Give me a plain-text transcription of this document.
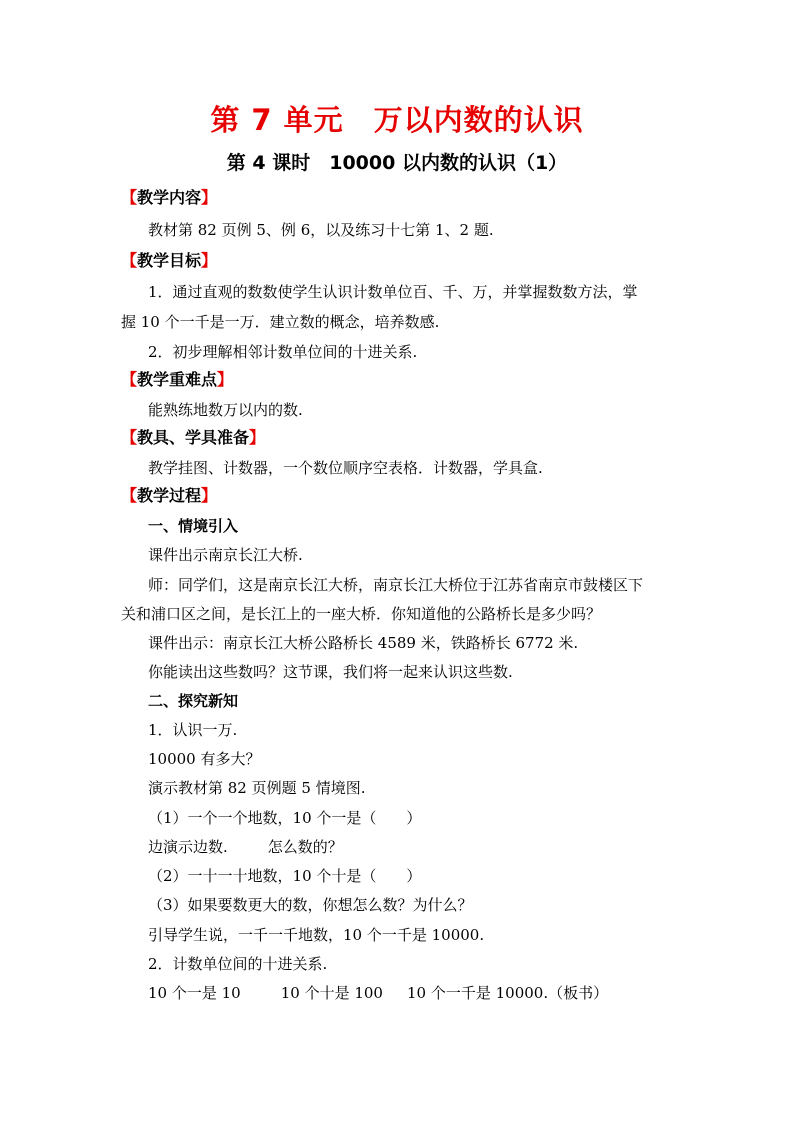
第 7 单元　万以内数的认识
第 4 课时　10000 以内数的认识（1）
【教学内容】
教材第 82 页例 5、例 6，以及练习十七第 1、2 题.
【教学目标】
1．通过直观的数数使学生认识计数单位百、千、万，并掌握数数方法，掌
握 10 个一千是一万．建立数的概念，培养数感.
2．初步理解相邻计数单位间的十进关系.
【教学重难点】
能熟练地数万以内的数.
【教具、学具准备】
教学挂图、计数器，一个数位顺序空表格．计数器，学具盒.
【教学过程】
一、情境引入
课件出示南京长江大桥.
师：同学们，这是南京长江大桥，南京长江大桥位于江苏省南京市鼓楼区下
关和浦口区之间，是长江上的一座大桥．你知道他的公路桥长是多少吗？
课件出示：南京长江大桥公路桥长 4589 米，铁路桥长 6772 米.
你能读出这些数吗？这节课，我们将一起来认识这些数.
二、探究新知
1．认识一万.
10000 有多大？
演示教材第 82 页例题 5 情境图.
（1）一个一个地数，10 个一是（　　）
边演示边数.	怎么数的？
（2）一十一十地数，10 个十是（　　）
（3）如果要数更大的数，你想怎么数？为什么？
引导学生说，一千一千地数，10 个一千是 10000.
2．计数单位间的十进关系.
10 个一是 10	10 个十是 100 10 个一千是 10000.（板书）
